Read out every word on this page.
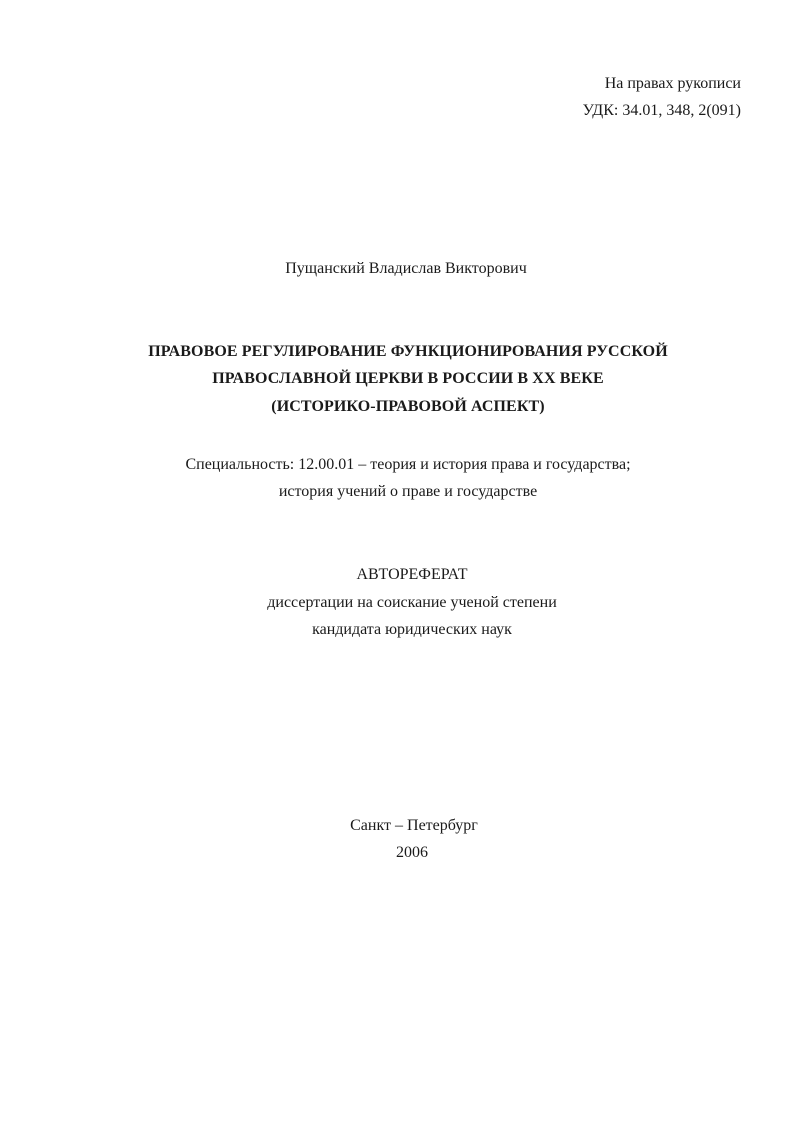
На правах рукописи
УДК: 34.01, 348, 2(091)
Пущанский Владислав Викторович
ПРАВОВОЕ РЕГУЛИРОВАНИЕ ФУНКЦИОНИРОВАНИЯ РУССКОЙ
ПРАВОСЛАВНОЙ ЦЕРКВИ В РОССИИ В XX ВЕКЕ
(ИСТОРИКО-ПРАВОВОЙ АСПЕКТ)
Специальность: 12.00.01 – теория и история права и государства;
история учений о праве и государстве
АВТОРЕФЕРАТ
диссертации на соискание ученой степени
кандидата юридических наук
Санкт – Петербург
2006
